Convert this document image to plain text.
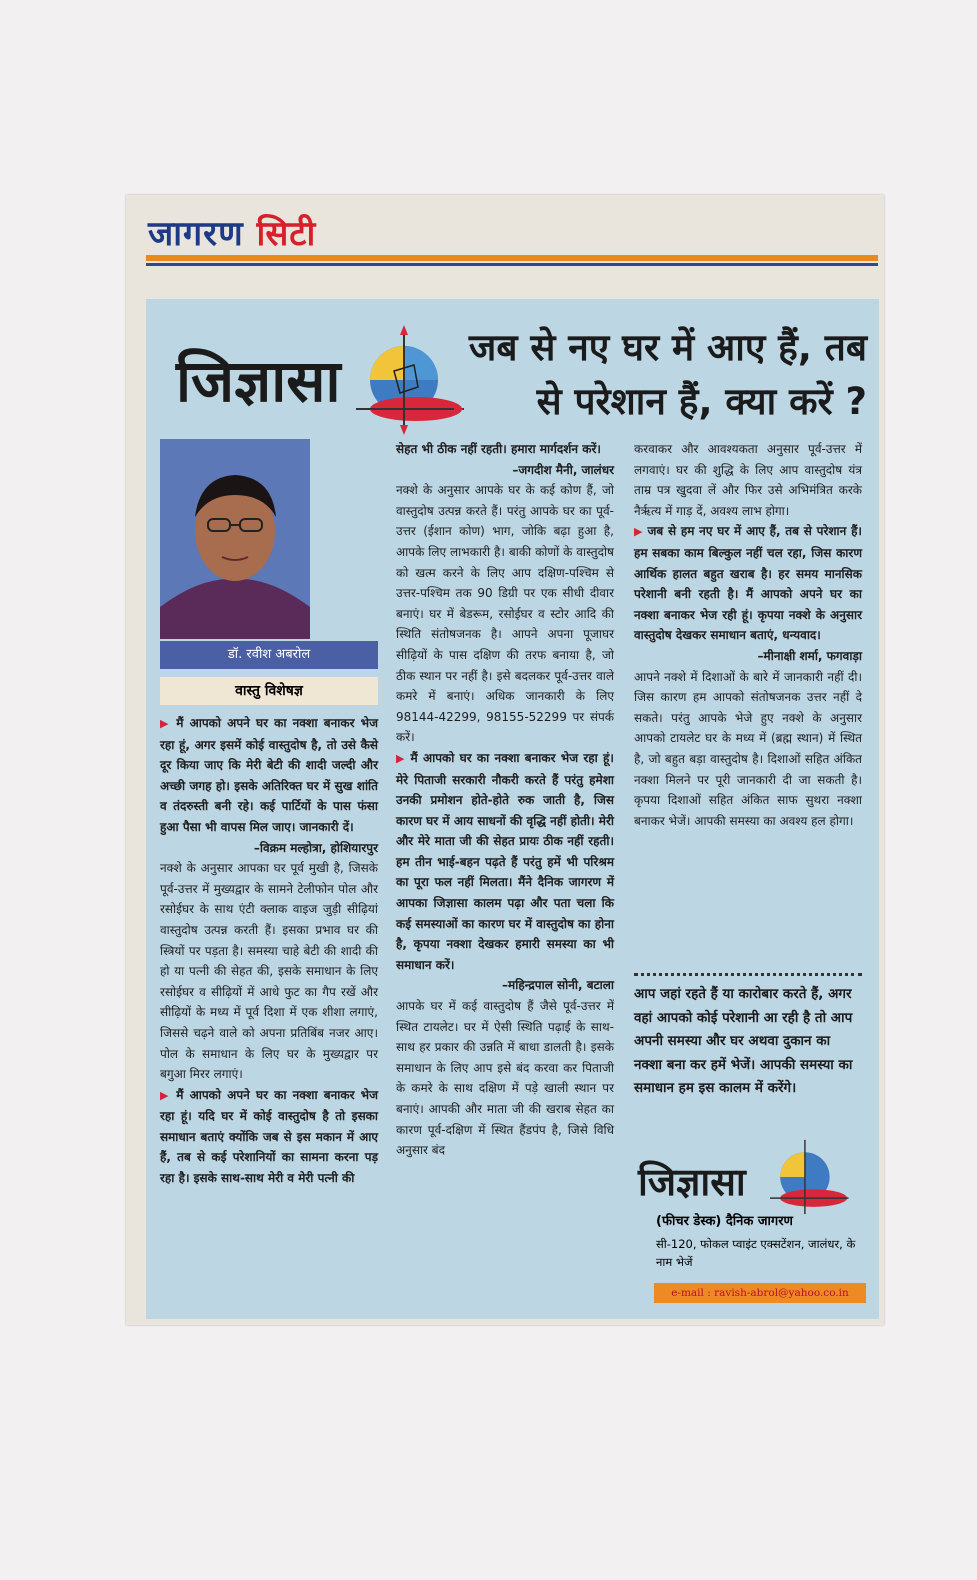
जागरण सिटी
जिज्ञासा	जब से नए घर में आए हैं, तब
से परेशान हैं, क्या करें ?
डॉ. रवीश अबरोल
वास्तु विशेषज्ञ

▶ मैं आपको अपने घर का नक्शा बनाकर भेज रहा हूं, अगर इसमें कोई वास्तुदोष है, तो उसे कैसे दूर किया जाए कि मेरी बेटी की शादी जल्दी और अच्छी जगह हो। इसके अतिरिक्त घर में सुख शांति व तंदरुस्ती बनी रहे। कई पार्टियों के पास फंसा हुआ पैसा भी वापस मिल जाए। जानकारी दें।

–विक्रम मल्होत्रा, होशियारपुर

नक्शे के अनुसार आपका घर पूर्व मुखी है, जिसके पूर्व-उत्तर में मुख्यद्वार के सामने टेलीफोन पोल और रसोईघर के साथ एंटी क्लाक वाइज जुड़ी सीढ़ियां वास्तुदोष उत्पन्न करती हैं। इसका प्रभाव घर की स्त्रियों पर पड़ता है। समस्या चाहे बेटी की शादी की हो या पत्नी की सेहत की, इसके समाधान के लिए रसोईघर व सीढ़ियों में आधे फुट का गैप रखें और सीढ़ियों के मध्य में पूर्व दिशा में एक शीशा लगाएं, जिससे चढ़ने वाले को अपना प्रतिबिंब नजर आए। पोल के समाधान के लिए घर के मुख्यद्वार पर बगुआ मिरर लगाएं।

▶ मैं आपको अपने घर का नक्शा बनाकर भेज रहा हूं। यदि घर में कोई वास्तुदोष है तो इसका समाधान बताएं क्योंकि जब से इस मकान में आए हैं, तब से कई परेशानियों का सामना करना पड़ रहा है। इसके साथ-साथ मेरी व मेरी पत्नी की

सेहत भी ठीक नहीं रहती। हमारा मार्गदर्शन करें।

–जगदीश मैनी, जालंधर

नक्शे के अनुसार आपके घर के कई कोण हैं, जो वास्तुदोष उत्पन्न करते हैं। परंतु आपके घर का पूर्व-उत्तर (ईशान कोण) भाग, जोकि बढ़ा हुआ है, आपके लिए लाभकारी है। बाकी कोणों के वास्तुदोष को खत्म करने के लिए आप दक्षिण-पश्चिम से उत्तर-पश्चिम तक 90 डिग्री पर एक सीधी दीवार बनाएं। घर में बेडरूम, रसोईघर व स्टोर आदि की स्थिति संतोषजनक है। आपने अपना पूजाघर सीढ़ियों के पास दक्षिण की तरफ बनाया है, जो ठीक स्थान पर नहीं है। इसे बदलकर पूर्व-उत्तर वाले कमरे में बनाएं। अधिक जानकारी के लिए 98144-42299, 98155-52299 पर संपर्क करें।

▶ मैं आपको घर का नक्शा बनाकर भेज रहा हूं। मेरे पिताजी सरकारी नौकरी करते हैं परंतु हमेशा उनकी प्रमोशन होते-होते रुक जाती है, जिस कारण घर में आय साधनों की वृद्धि नहीं होती। मेरी और मेरे माता जी की सेहत प्रायः ठीक नहीं रहती। हम तीन भाई-बहन पढ़ते हैं परंतु हमें भी परिश्रम का पूरा फल नहीं मिलता। मैंने दैनिक जागरण में आपका जिज्ञासा कालम पढ़ा और पता चला कि कई समस्याओं का कारण घर में वास्तुदोष का होना है, कृपया नक्शा देखकर हमारी समस्या का भी समाधान करें।

–महिन्द्रपाल सोनी, बटाला

आपके घर में कई वास्तुदोष हैं जैसे पूर्व-उत्तर में स्थित टायलेट। घर में ऐसी स्थिति पढ़ाई के साथ-साथ हर प्रकार की उन्नति में बाधा डालती है। इसके समाधान के लिए आप इसे बंद करवा कर पिताजी के कमरे के साथ दक्षिण में पड़े खाली स्थान पर बनाएं। आपकी और माता जी की खराब सेहत का कारण पूर्व-दक्षिण में स्थित हैंडपंप है, जिसे विधि अनुसार बंद

करवाकर और आवश्यकता अनुसार पूर्व-उत्तर में लगवाएं। घर की शुद्धि के लिए आप वास्तुदोष यंत्र ताम्र पत्र खुदवा लें और फिर उसे अभिमंत्रित करके नैर्ऋत्य में गाड़ दें, अवश्य लाभ होगा।

▶ जब से हम नए घर में आए हैं, तब से परेशान हैं। हम सबका काम बिल्कुल नहीं चल रहा, जिस कारण आर्थिक हालत बहुत खराब है। हर समय मानसिक परेशानी बनी रहती है। मैं आपको अपने घर का नक्शा बनाकर भेज रही हूं। कृपया नक्शे के अनुसार वास्तुदोष देखकर समाधान बताएं, धन्यवाद।

–मीनाक्षी शर्मा, फगवाड़ा

आपने नक्शे में दिशाओं के बारे में जानकारी नहीं दी। जिस कारण हम आपको संतोषजनक उत्तर नहीं दे सकते। परंतु आपके भेजे हुए नक्शे के अनुसार आपको टायलेट घर के मध्य में (ब्रह्म स्थान) में स्थित है, जो बहुत बड़ा वास्तुदोष है। दिशाओं सहित अंकित नक्शा मिलने पर पूरी जानकारी दी जा सकती है। कृपया दिशाओं सहित अंकित साफ सुथरा नक्शा बनाकर भेजें। आपकी समस्या का अवश्य हल होगा।

आप जहां रहते हैं या कारोबार करते हैं, अगर वहां आपको कोई परेशानी आ रही है तो आप अपनी समस्या और घर अथवा दुकान का नक्शा बना कर हमें भेजें। आपकी समस्या का समाधान हम इस कालम में करेंगे।
जिज्ञासा
(फीचर डेस्क) दैनिक जागरण
सी-120, फोकल प्वाइंट एक्सटेंशन, जालंधर, के नाम भेजें
e-mail : ravish-abrol@yahoo.co.in
